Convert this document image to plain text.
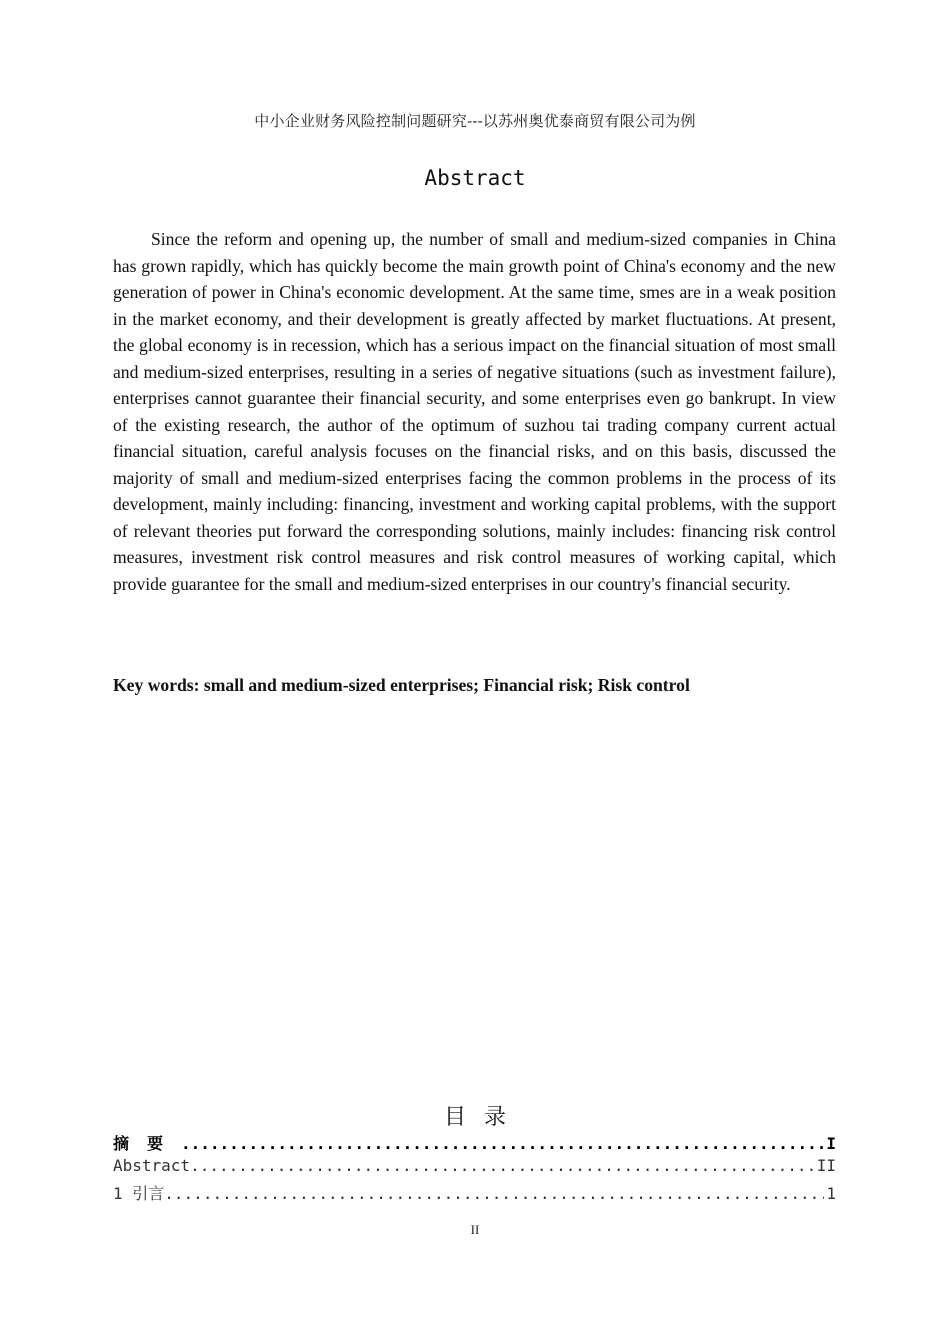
中小企业财务风险控制问题研究---以苏州奥优泰商贸有限公司为例
Abstract

Since the reform and opening up, the number of small and medium-sized companies in China has grown rapidly, which has quickly become the main growth point of China's economy and the new generation of power in China's economic development. At the same time, smes are in a weak position in the market economy, and their development is greatly affected by market fluctuations. At present, the global economy is in recession, which has a serious impact on the financial situation of most small and medium-sized enterprises, resulting in a series of negative situations (such as investment failure), enterprises cannot guarantee their financial security, and some enterprises even go bankrupt. In view of the existing research, the author of the optimum of suzhou tai trading company current actual financial situation, careful analysis focuses on the financial risks, and on this basis, discussed the majority of small and medium-sized enterprises facing the common problems in the process of its development, mainly including: financing, investment and working capital problems, with the support of relevant theories put forward the corresponding solutions, mainly includes: financing risk control measures, investment risk control measures and risk control measures of working capital, which provide guarantee for the small and medium-sized enterprises in our country's financial security.

Key words: small and medium-sized enterprises; Financial risk; Risk control

目录
摘要 .....	I
Abstract .....	II
1 引言 .....	1
II
